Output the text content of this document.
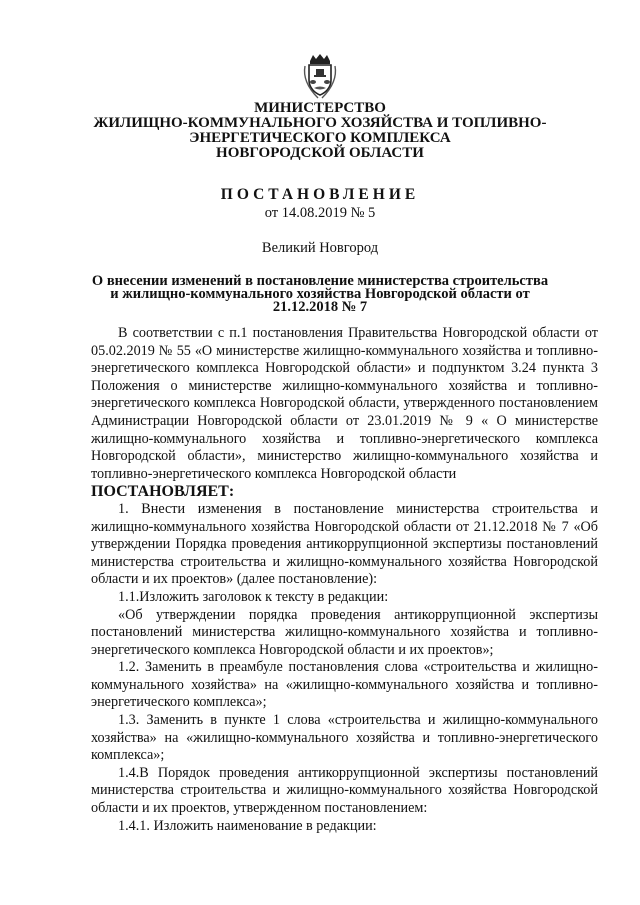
МИНИСТЕРСТВО
ЖИЛИЩНО-КОММУНАЛЬНОГО ХОЗЯЙСТВА И ТОПЛИВНО-
ЭНЕРГЕТИЧЕСКОГО КОМПЛЕКСА
НОВГОРОДСКОЙ ОБЛАСТИ
ПОСТАНОВЛЕНИЕ
от 14.08.2019 № 5
Великий Новгород
О внесении изменений в постановление министерства строительства
и жилищно-коммунального хозяйства Новгородской области от
21.12.2018 № 7

В соответствии с п.1 постановления Правительства Новгородской области от 05.02.2019 № 55 «О министерстве жилищно-коммунального хозяйства и топливно-энергетического комплекса Новгородской области» и подпунктом 3.24 пункта 3 Положения о министерстве жилищно-коммунального хозяйства и топливно-энергетического комплекса Новгородской области, утвержденного постановлением Администрации Новгородской области от 23.01.2019 № 9 « О министерстве жилищно-коммунального хозяйства и топливно-энергетического комплекса Новгородской области», министерство жилищно-коммунального хозяйства и топливно-энергетического комплекса Новгородской области

ПОСТАНОВЛЯЕТ:

1. Внести изменения в постановление министерства строительства и жилищно-коммунального хозяйства Новгородской области от 21.12.2018 № 7 «Об утверждении Порядка проведения антикоррупционной экспертизы постановлений министерства строительства и жилищно-коммунального хозяйства Новгородской области и их проектов» (далее постановление):

1.1.Изложить заголовок к тексту в редакции:

«Об утверждении порядка проведения антикоррупционной экспертизы постановлений министерства жилищно-коммунального хозяйства и топливно-энергетического комплекса Новгородской области и их проектов»;

1.2. Заменить в преамбуле постановления слова «строительства и жилищно-коммунального хозяйства» на «жилищно-коммунального хозяйства и топливно-энергетического комплекса»;

1.3. Заменить в пункте 1 слова «строительства и жилищно-коммунального хозяйства» на «жилищно-коммунального хозяйства и топливно-энергетического комплекса»;

1.4.В Порядок проведения антикоррупционной экспертизы постановлений министерства строительства и жилищно-коммунального хозяйства Новгородской области и их проектов, утвержденном постановлением:

1.4.1. Изложить наименование в редакции:
